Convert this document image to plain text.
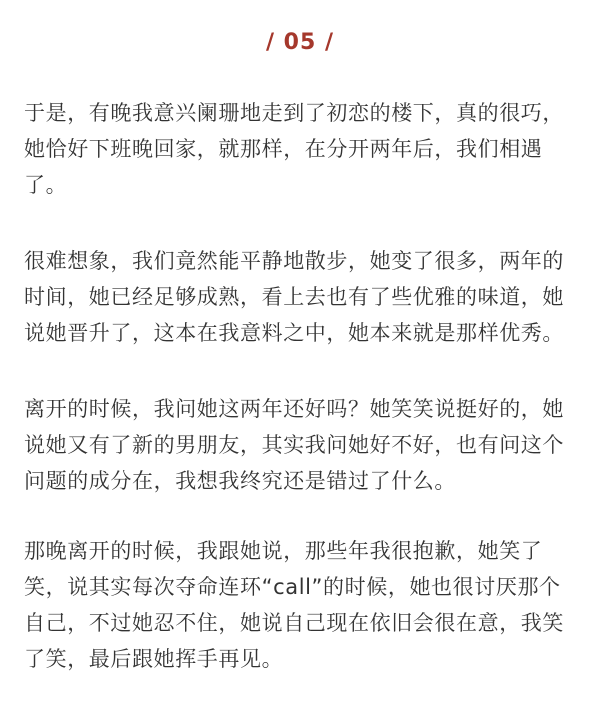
/ 05 /

于是，有晚我意兴阑珊地走到了初恋的楼下，真的很巧，她恰好下班晚回家，就那样，在分开两年后，我们相遇了。

很难想象，我们竟然能平静地散步，她变了很多，两年的时间，她已经足够成熟，看上去也有了些优雅的味道，她说她晋升了，这本在我意料之中，她本来就是那样优秀。

离开的时候，我问她这两年还好吗？她笑笑说挺好的，她说她又有了新的男朋友，其实我问她好不好，也有问这个问题的成分在，我想我终究还是错过了什么。

那晚离开的时候，我跟她说，那些年我很抱歉，她笑了笑，说其实每次夺命连环“call”的时候，她也很讨厌那个自己，不过她忍不住，她说自己现在依旧会很在意，我笑了笑，最后跟她挥手再见。
